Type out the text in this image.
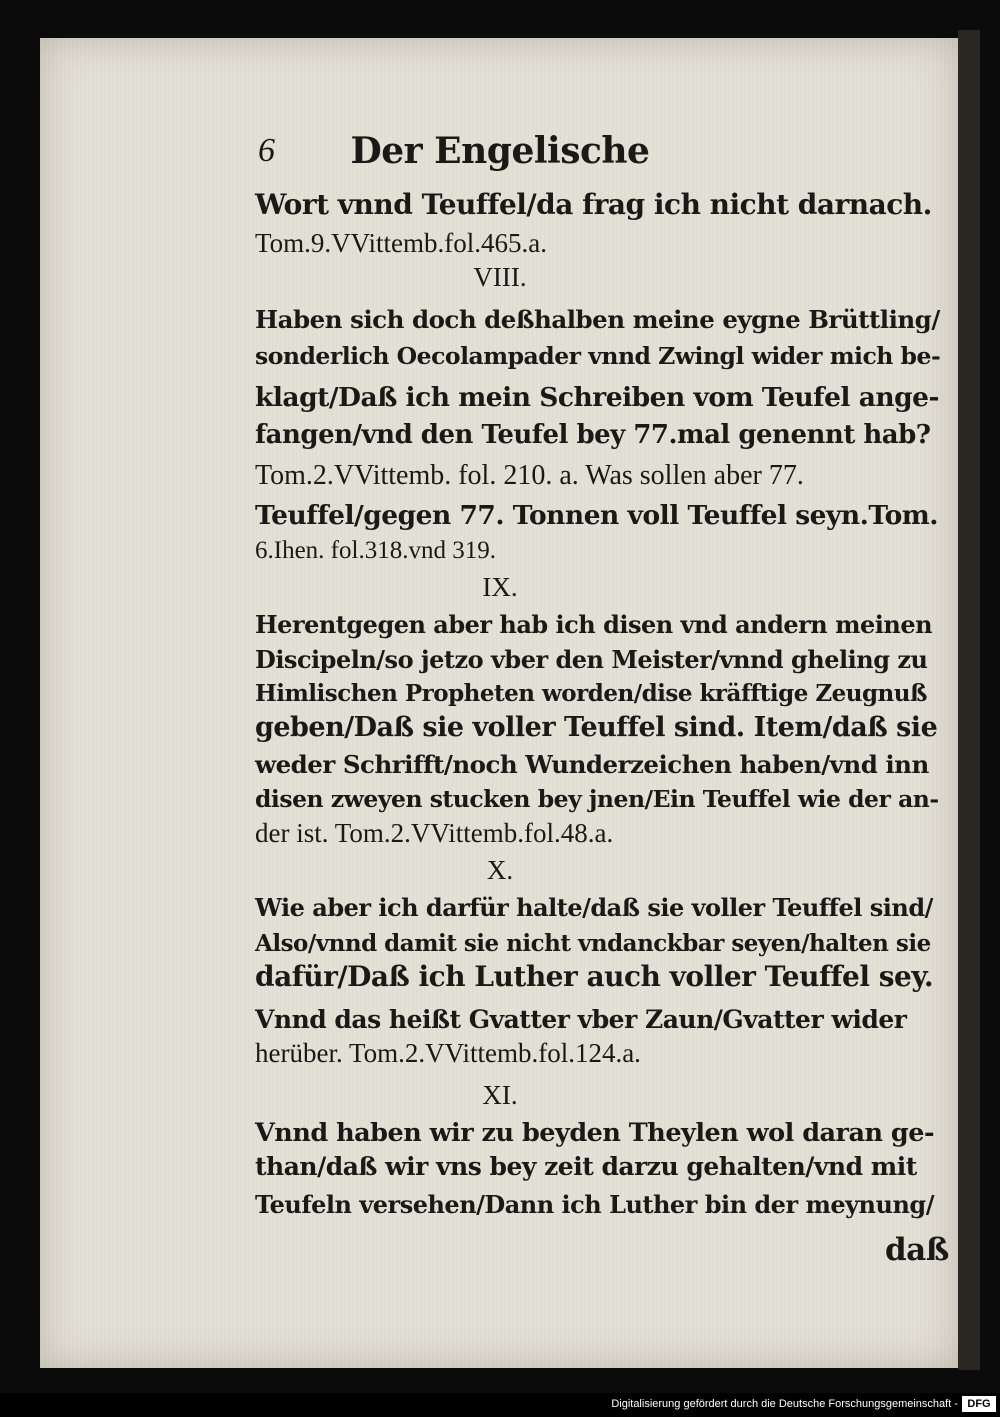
6	Der Engelische
Wort vnnd Teuffel/da frag ich nicht darnach.
Tom.9.VVittemb.fol.465.a.
VIII.
Haben sich doch deßhalben meine eygne Brüttling/
sonderlich Oecolampader vnnd Zwingl wider mich be-
klagt/Daß ich mein Schreiben vom Teufel ange-
fangen/vnd den Teufel bey 77.mal genennt hab?
Tom.2.VVittemb. fol. 210. a. Was sollen aber 77.
Teuffel/gegen 77. Tonnen voll Teuffel seyn.Tom.
6.Ihen. fol.318.vnd 319.
IX.
Herentgegen aber hab ich disen vnd andern meinen
Discipeln/so jetzo vber den Meister/vnnd gheling zu
Himlischen Propheten worden/dise kräfftige Zeugnuß
geben/Daß sie voller Teuffel sind. Item/daß sie
weder Schrifft/noch Wunderzeichen haben/vnd inn
disen zweyen stucken bey jnen/Ein Teuffel wie der an-
der ist. Tom.2.VVittemb.fol.48.a.
X.
Wie aber ich darfür halte/daß sie voller Teuffel sind/
Also/vnnd damit sie nicht vndanckbar seyen/halten sie
dafür/Daß ich Luther auch voller Teuffel sey.
Vnnd das heißt Gvatter vber Zaun/Gvatter wider
herüber. Tom.2.VVittemb.fol.124.a.
XI.
Vnnd haben wir zu beyden Theylen wol daran ge-
than/daß wir vns bey zeit darzu gehalten/vnd mit
Teufeln versehen/Dann ich Luther bin der meynung/
daß
Digitalisierung gefördert durch die Deutsche Forschungsgemeinschaft - DFG
